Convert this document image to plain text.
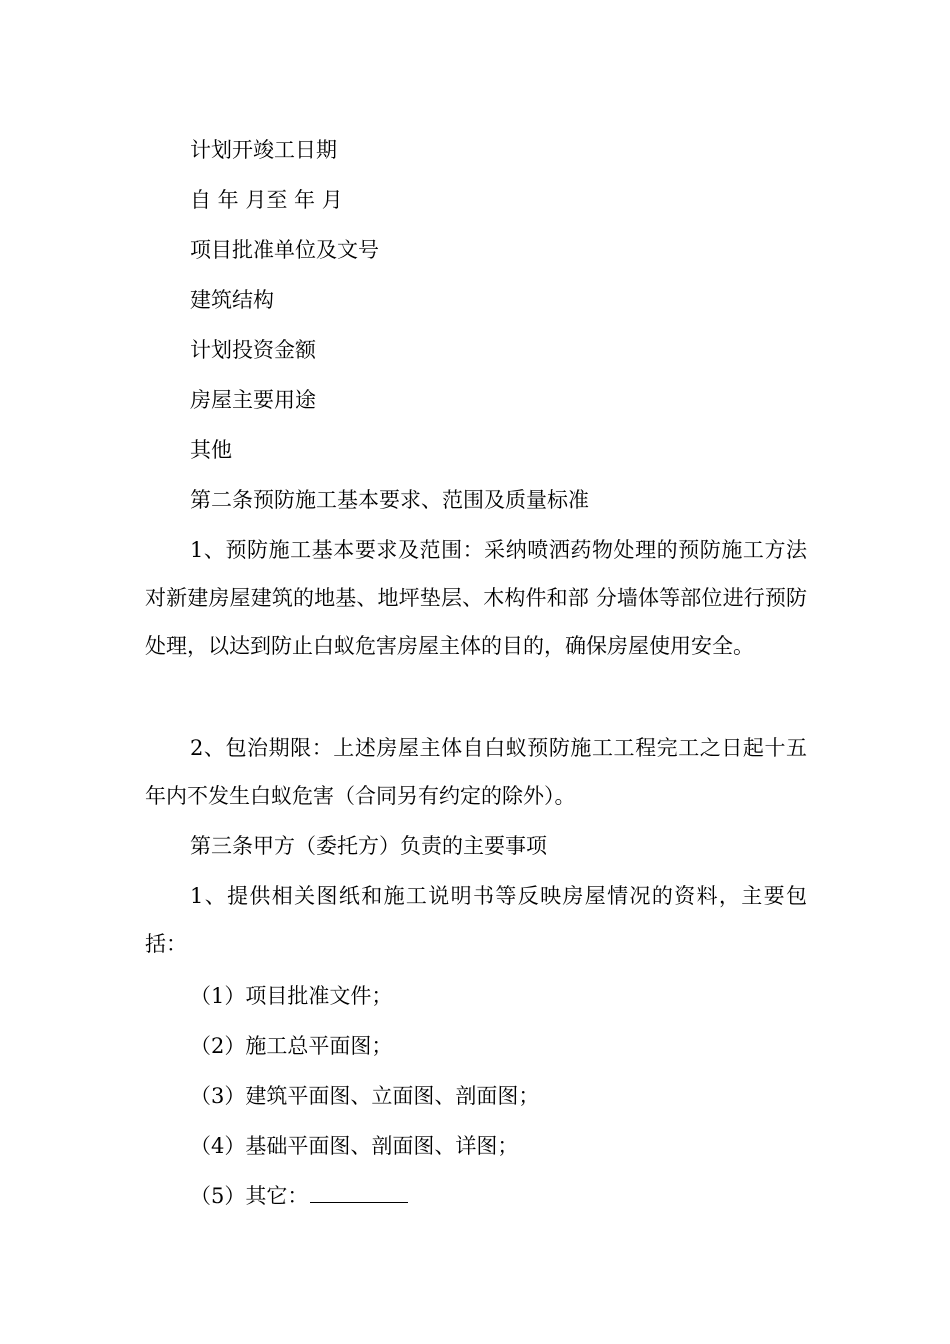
计划开竣工日期
自 年 月至 年 月
项目批准单位及文号
建筑结构
计划投资金额
房屋主要用途
其他
第二条预防施工基本要求、范围及质量标准
1、预防施工基本要求及范围：采纳喷洒药物处理的预防施工方法对新建房屋建筑的地基、地坪垫层、木构件和部 分墙体等部位进行预防处理，以达到防止白蚁危害房屋主体的目的，确保房屋使用安全。
2、包治期限：上述房屋主体自白蚁预防施工工程完工之日起十五年内不发生白蚁危害（合同另有约定的除外）。
第三条甲方（委托方）负责的主要事项
1、提供相关图纸和施工说明书等反映房屋情况的资料，主要包括：
（1）项目批准文件；
（2）施工总平面图；
（3）建筑平面图、立面图、剖面图；
（4）基础平面图、剖面图、详图；
（5）其它：
